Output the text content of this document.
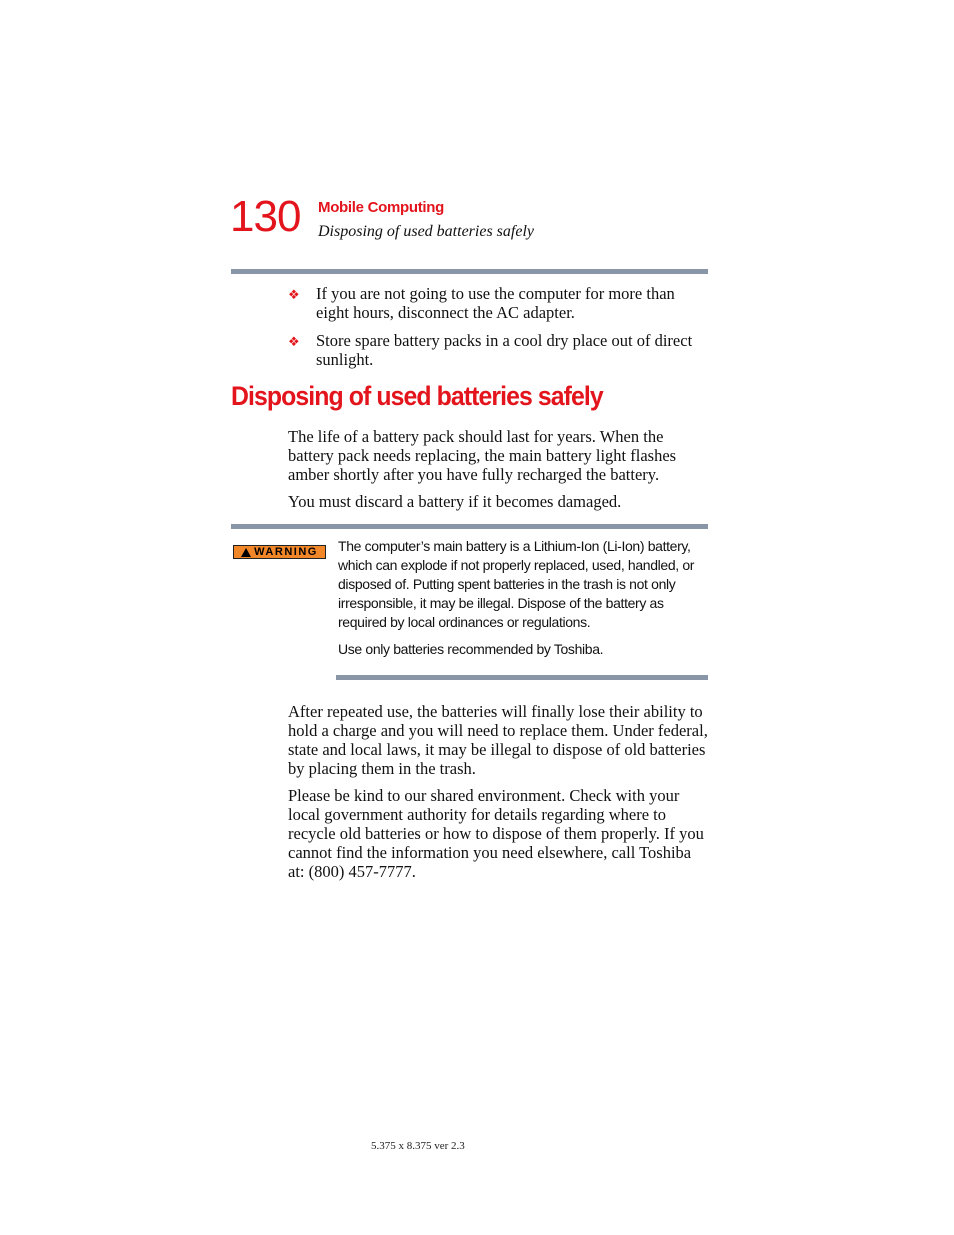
130 Mobile Computing
Disposing of used batteries safely
❖ If you are not going to use the computer for more than eight hours, disconnect the AC adapter.
❖ Store spare battery packs in a cool dry place out of direct sunlight.
Disposing of used batteries safely

The life of a battery pack should last for years. When the battery pack needs replacing, the main battery light flashes amber shortly after you have fully recharged the battery.

You must discard a battery if it becomes damaged.

WARNING The computer’s main battery is a Lithium-Ion (Li-Ion) battery, which can explode if not properly replaced, used, handled, or disposed of. Putting spent batteries in the trash is not only irresponsible, it may be illegal. Dispose of the battery as required by local ordinances or regulations.

Use only batteries recommended by Toshiba.

After repeated use, the batteries will finally lose their ability to hold a charge and you will need to replace them. Under federal, state and local laws, it may be illegal to dispose of old batteries by placing them in the trash.

Please be kind to our shared environment. Check with your local government authority for details regarding where to recycle old batteries or how to dispose of them properly. If you cannot find the information you need elsewhere, call Toshiba at: (800) 457-7777.

5.375 x 8.375 ver 2.3
